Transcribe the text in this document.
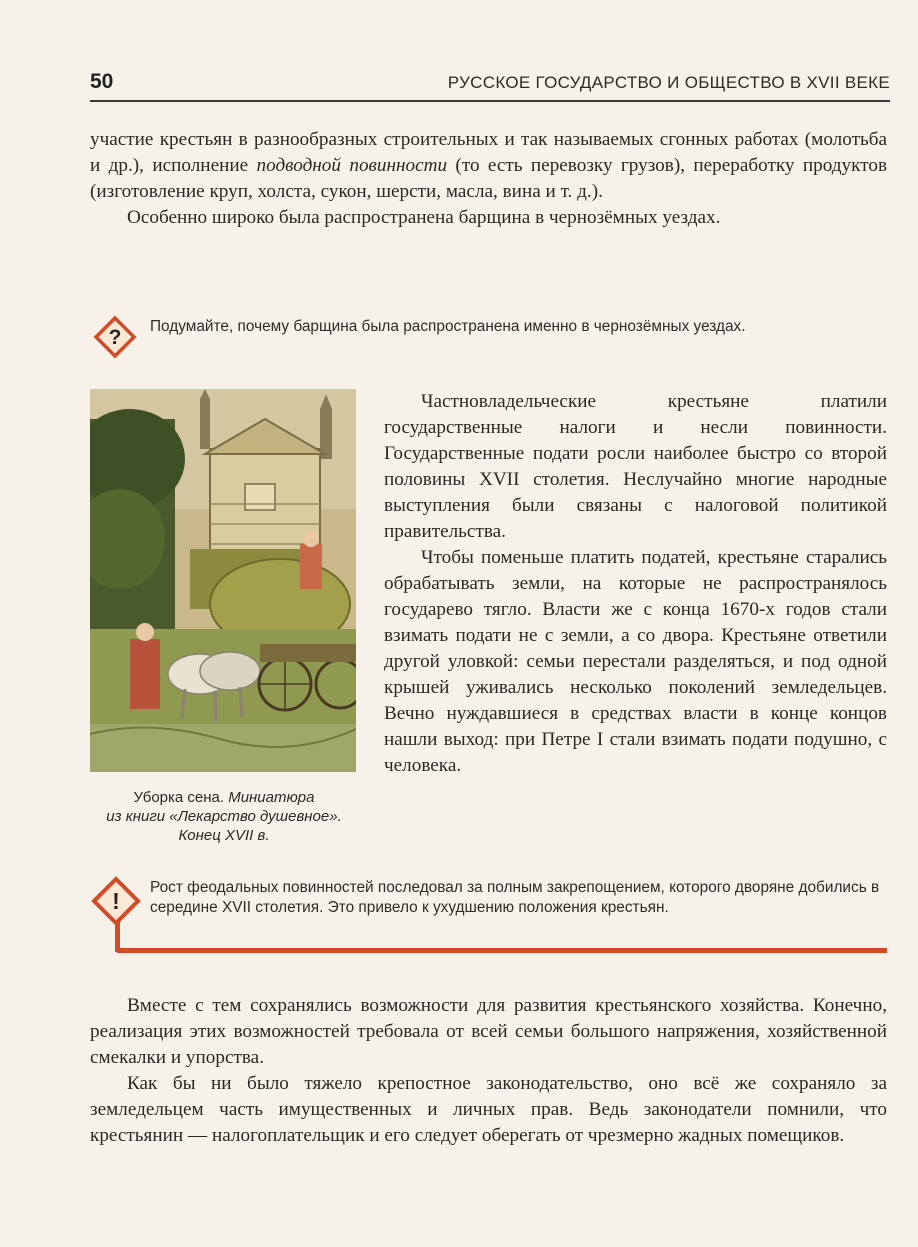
50	РУССКОЕ ГОСУДАРСТВО И ОБЩЕСТВО В XVII ВЕКЕ

участие крестьян в разнообразных строительных и так называемых сгонных работах (молотьба и др.), исполнение подводной повинности (то есть перевозку грузов), переработку продуктов (изготовление круп, холста, сукон, шерсти, масла, вина и т. д.).

Особенно широко была распространена барщина в чернозёмных уездах.

? Подумайте, почему барщина была распространена именно в чернозёмных уездах.
Уборка сена. Миниатюра
из книги «Лекарство душевное».
Конец XVII в.

Частновладельческие крестьяне платили государственные налоги и несли повинности. Государственные подати росли наиболее быстро со второй половины XVII столетия. Неслучайно многие народные выступления были связаны с налоговой политикой правительства.

Чтобы поменьше платить податей, крестьяне старались обрабатывать земли, на которые не распространялось государево тягло. Власти же с конца 1670-х годов стали взимать подати не с земли, а со двора. Крестьяне ответили другой уловкой: семьи перестали разделяться, и под одной крышей уживались несколько поколений земледельцев. Вечно нуждавшиеся в средствах власти в конце концов нашли выход: при Петре I стали взимать подати подушно, с человека.

!
Рост феодальных повинностей последовал за полным закрепощением, которого дворяне добились в середине XVII столетия. Это привело к ухудшению положения крестьян.

Вместе с тем сохранялись возможности для развития крестьянского хозяйства. Конечно, реализация этих возможностей требовала от всей семьи большого напряжения, хозяйственной смекалки и упорства.

Как бы ни было тяжело крепостное законодательство, оно всё же сохраняло за земледельцем часть имущественных и личных прав. Ведь законодатели помнили, что крестьянин — налогоплательщик и его следует оберегать от чрезмерно жадных помещиков.
